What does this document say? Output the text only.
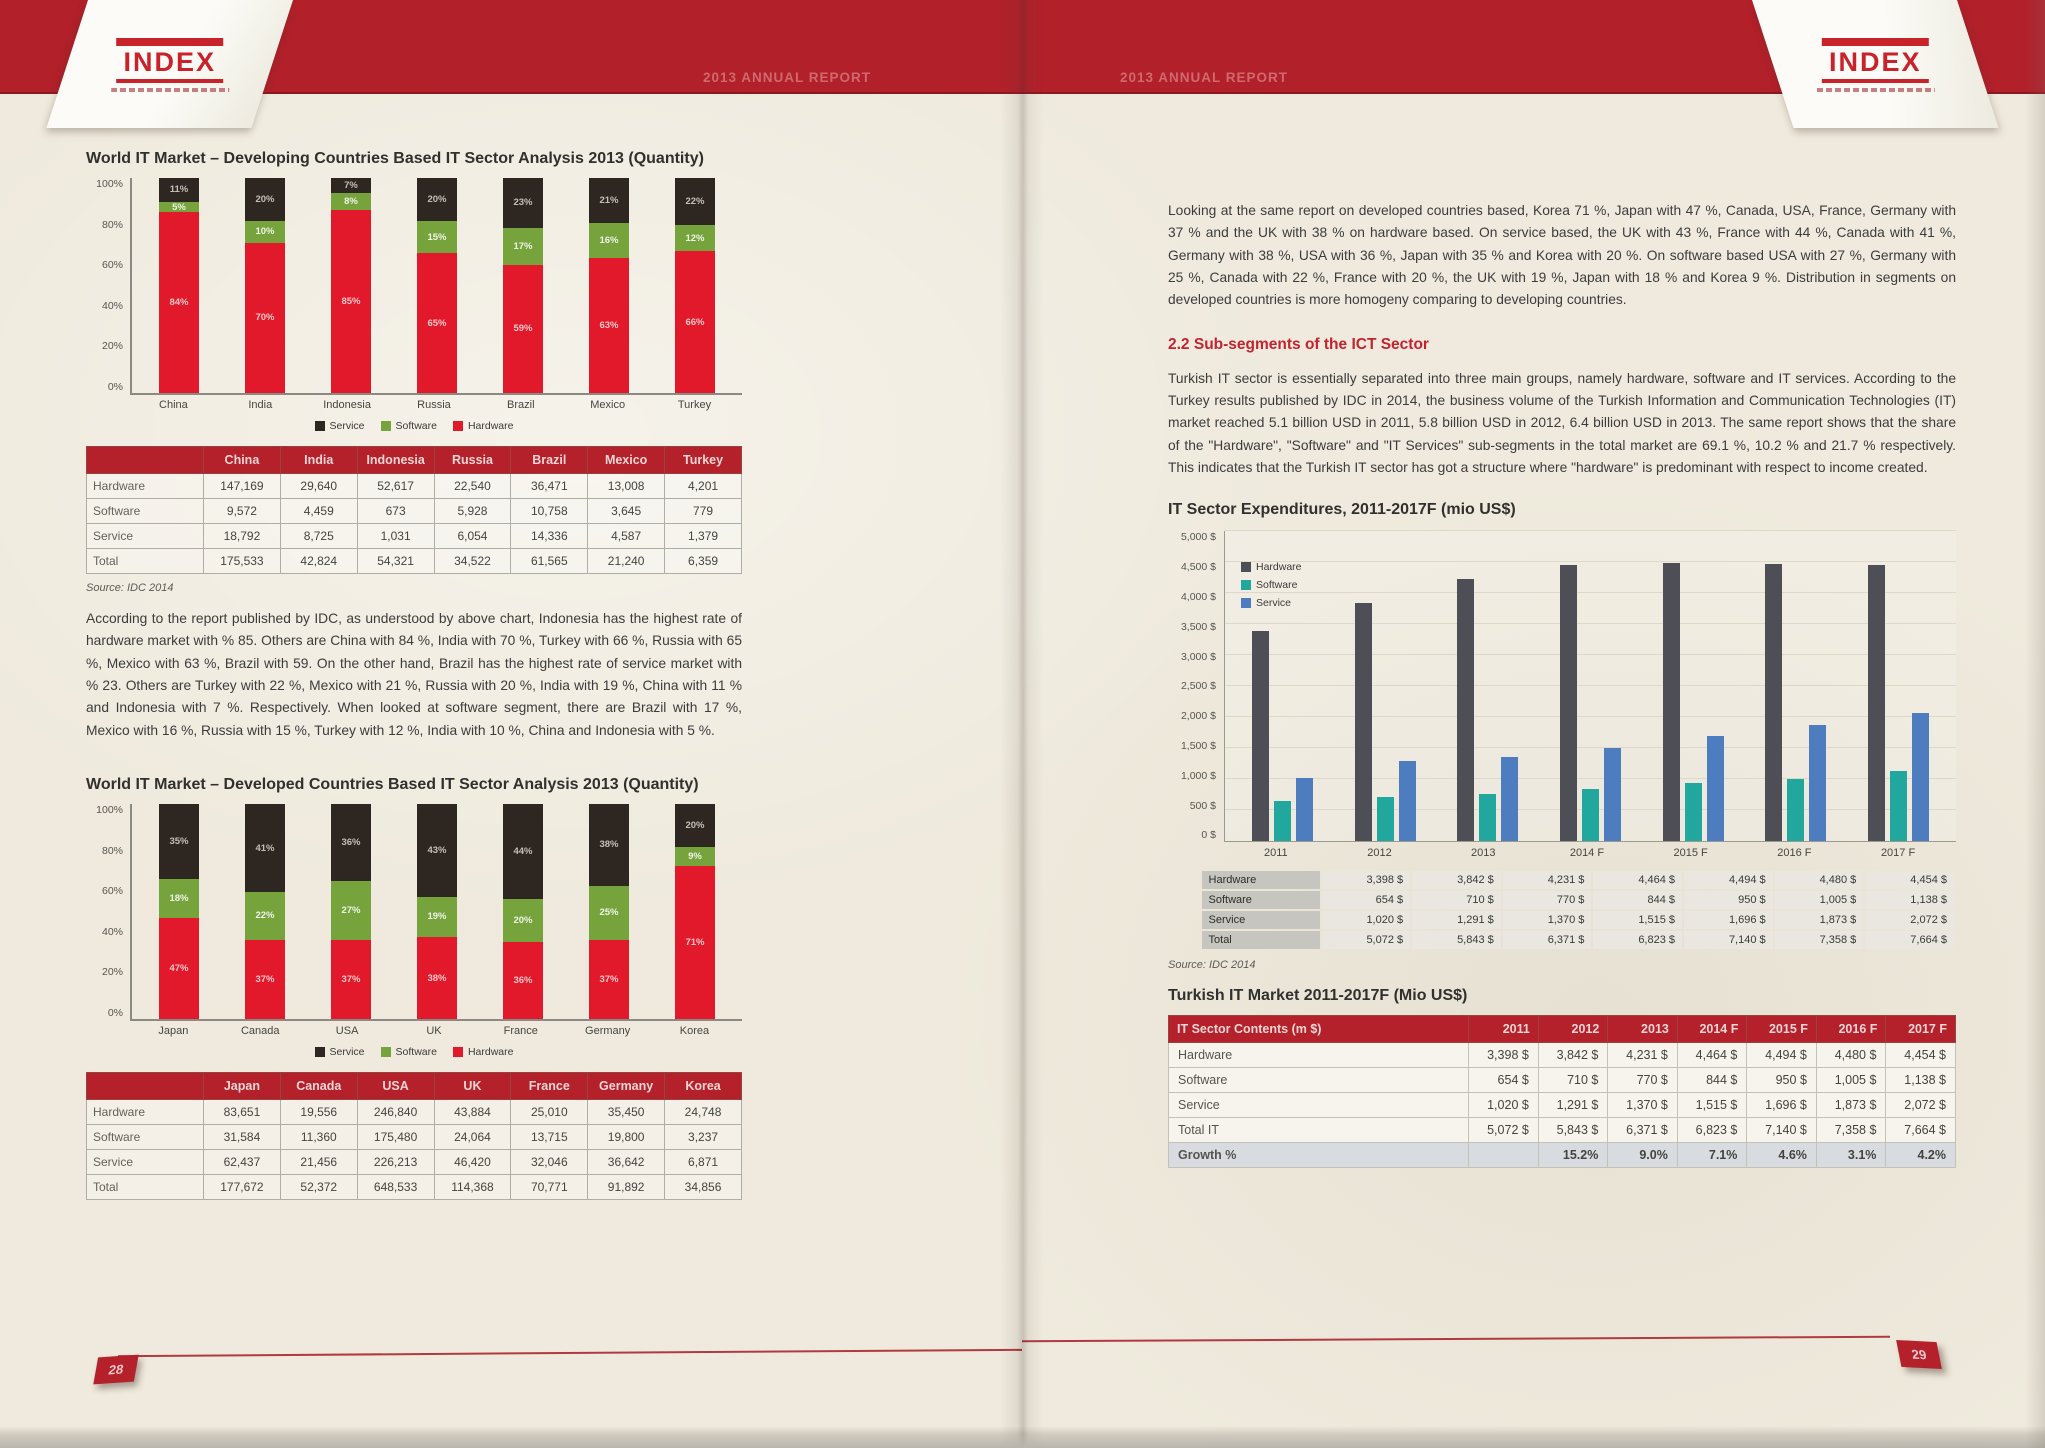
2013 ANNUAL REPORT	2013 ANNUAL REPORT
INDEX	INDEX
World IT Market – Developing Countries Based IT Sector Analysis 2013 (Quantity)
100%
80%
60%
40%
20%
0%
11%
5%
84%
20%
10%
70%
7%
8%
85%
20%
15%
65%
23%
17%
59%
21%
16%
63%
22%
12%
66%
China	India	Indonesia	Russia	Brazil	Mexico	Turkey
Service	Software	Hardware
	China	India	Indonesia	Russia	Brazil	Mexico	Turkey
Hardware	147,169	29,640	52,617	22,540	36,471	13,008	4,201
Software	9,572	4,459	673	5,928	10,758	3,645	779
Service	18,792	8,725	1,031	6,054	14,336	4,587	1,379
Total	175,533	42,824	54,321	34,522	61,565	21,240	6,359
Source: IDC 2014

According to the report published by IDC, as understood by above chart, Indonesia has the highest rate of hardware market with % 85. Others are China with 84 %, India with 70 %, Turkey with 66 %, Russia with 65 %, Mexico with 63 %, Brazil with 59. On the other hand, Brazil has the highest rate of service market with % 23. Others are Turkey with 22 %, Mexico with 21 %, Russia with 20 %, India with 19 %, China with 11 % and Indonesia with 7 %. Respectively. When looked at software segment, there are Brazil with 17 %, Mexico with 16 %, Russia with 15 %, Turkey with 12 %, India with 10 %, China and Indonesia with 5 %.

World IT Market – Developed Countries Based IT Sector Analysis 2013 (Quantity)
100%
80%
60%
40%
20%
0%
35%
18%
47%
41%
22%
37%
36%
27%
37%
43%
19%
38%
44%
20%
36%
38%
25%
37%
20%
9%
71%
Japan	Canada	USA	UK	France	Germany	Korea
Service	Software	Hardware
	Japan	Canada	USA	UK	France	Germany	Korea
Hardware	83,651	19,556	246,840	43,884	25,010	35,450	24,748
Software	31,584	11,360	175,480	24,064	13,715	19,800	3,237
Service	62,437	21,456	226,213	46,420	32,046	36,642	6,871
Total	177,672	52,372	648,533	114,368	70,771	91,892	34,856

Looking at the same report on developed countries based, Korea 71 %, Japan with 47 %, Canada, USA, France, Germany with 37 % and the UK with 38 % on hardware based. On service based, the UK with 43 %, France with 44 %, Canada with 41 %, Germany with 38 %, USA with 36 %, Japan with 35 % and Korea with 20 %. On software based USA with 27 %, Germany with 25 %, Canada with 22 %, France with 20 %, the UK with 19 %, Japan with 18 % and Korea 9 %. Distribution in segments on developed countries is more homogeny comparing to developing countries.

2.2 Sub-segments of the ICT Sector

Turkish IT sector is essentially separated into three main groups, namely hardware, software and IT services. According to the Turkey results published by IDC in 2014, the business volume of the Turkish Information and Communication Technologies (IT) market reached 5.1 billion USD in 2011, 5.8 billion USD in 2012, 6.4 billion USD in 2013. The same report shows that the share of the "Hardware", "Software" and "IT Services" sub-segments in the total market are 69.1 %, 10.2 % and 21.7 % respectively. This indicates that the Turkish IT sector has got a structure where "hardware" is predominant with respect to income created.

IT Sector Expenditures, 2011-2017F (mio US$)
5,000 $
4,500 $
4,000 $
3,500 $
3,000 $
2,500 $
2,000 $
1,500 $
1,000 $
500 $
0 $
Hardware
Software
Service
2011	2012	2013	2014 F	2015 F	2016 F	2017 F
Hardware	3,398 $	3,842 $	4,231 $	4,464 $	4,494 $	4,480 $	4,454 $
Software	654 $	710 $	770 $	844 $	950 $	1,005 $	1,138 $
Service	1,020 $	1,291 $	1,370 $	1,515 $	1,696 $	1,873 $	2,072 $
Total	5,072 $	5,843 $	6,371 $	6,823 $	7,140 $	7,358 $	7,664 $
Source: IDC 2014
Turkish IT Market 2011-2017F (Mio US$)
IT Sector Contents (m $)	2011	2012	2013	2014 F	2015 F	2016 F	2017 F
Hardware	3,398 $	3,842 $	4,231 $	4,464 $	4,494 $	4,480 $	4,454 $
Software	654 $	710 $	770 $	844 $	950 $	1,005 $	1,138 $
Service	1,020 $	1,291 $	1,370 $	1,515 $	1,696 $	1,873 $	2,072 $
Total IT	5,072 $	5,843 $	6,371 $	6,823 $	7,140 $	7,358 $	7,664 $
Growth %		15.2%	9.0%	7.1%	4.6%	3.1%	4.2%
28
29
